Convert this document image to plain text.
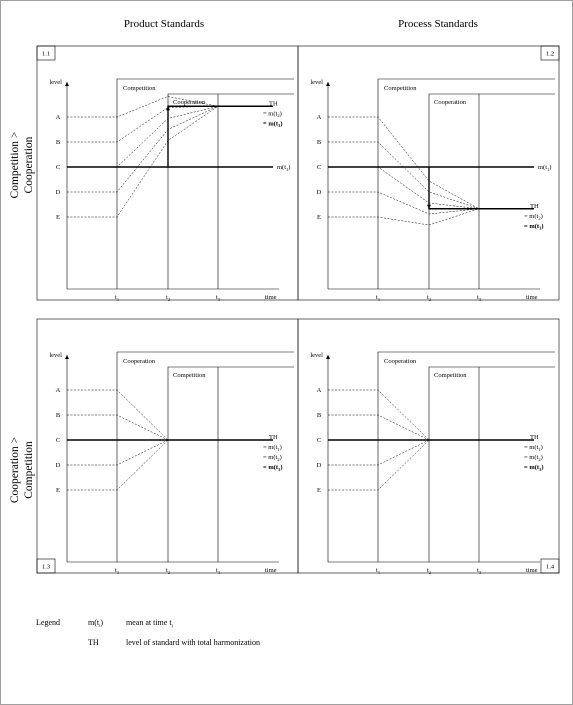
Product Standards	Process Standards
Competition > Cooperation
Cooperation > Competition
1.1
level
time
Competition
Cooperation
$t_1$	$t_2$	$t_3$
A
B
C
D
E
$m(t_1)$
TH
= $m(t_2)$
= $m(t_3)$
1.2
level
time
Competition
Cooperation
$t_1$	$t_2$	$t_3$
A
B
C
D
E
$m(t_1)$
TH
= $m(t_2)$
= $m(t_3)$
1.3
level
time
Cooperation
Competition
$t_1$	$t_2$	$t_3$
A
B
C
D
E
TH
= $m(t_1)$
= $m(t_2)$
= $m(t_3)$
1.4
level
time
Cooperation
Competition
$t_1$	$t_2$	$t_3$
A
B
C
D
E
TH
= $m(t_1)$
= $m(t_2)$
= $m(t_3)$
Legend	$m(t_i)$	mean at time $t_i$
TH	level of standard with total harmonization
